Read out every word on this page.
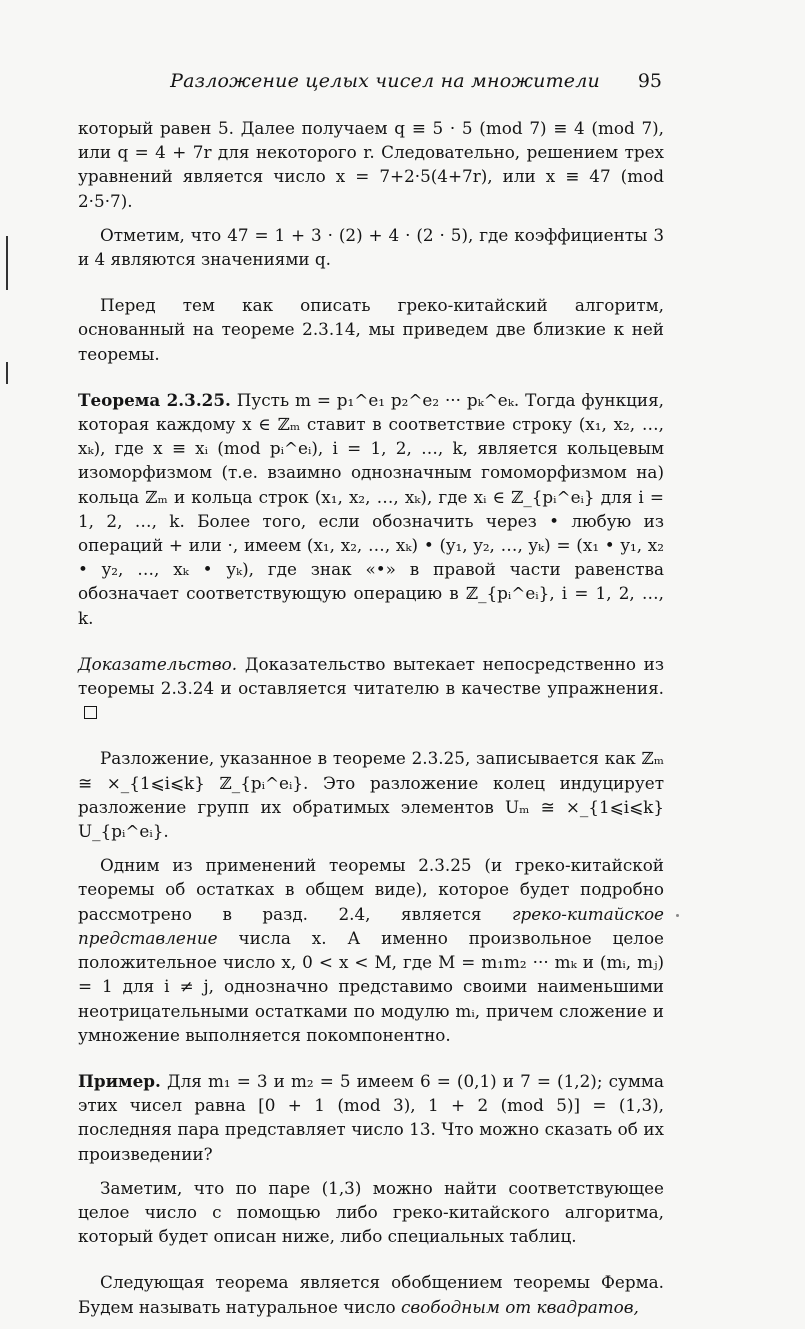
Разложение целых чисел на множители 95

который равен 5. Далее получаем q ≡ 5 · 5 (mod 7) ≡ 4 (mod 7), или q = 4 + 7r для некоторого r. Следовательно, решением трех уравнений является число x = 7+2·5(4+7r), или x ≡ 47 (mod 2·5·7).

Отметим, что 47 = 1 + 3 · (2) + 4 · (2 · 5), где коэффициенты 3 и 4 являются значениями q.

Перед тем как описать греко-китайский алгоритм, основанный на теореме 2.3.14, мы приведем две близкие к ней теоремы.

Теорема 2.3.25. Пусть m = p₁^e₁ p₂^e₂ ··· pₖ^eₖ. Тогда функция, которая каждому x ∈ ℤₘ ставит в соответствие строку (x₁, x₂, …, xₖ), где x ≡ xᵢ (mod pᵢ^eᵢ), i = 1, 2, …, k, является кольцевым изоморфизмом (т.е. взаимно однозначным гомоморфизмом на) кольца ℤₘ и кольца строк (x₁, x₂, …, xₖ), где xᵢ ∈ ℤ_{pᵢ^eᵢ} для i = 1, 2, …, k. Более того, если обозначить через • любую из операций + или ·, имеем (x₁, x₂, …, xₖ) • (y₁, y₂, …, yₖ) = (x₁ • y₁, x₂ • y₂, …, xₖ • yₖ), где знак «•» в правой части равенства обозначает соответствующую операцию в ℤ_{pᵢ^eᵢ}, i = 1, 2, …, k.

Доказательство. Доказательство вытекает непосредственно из теоремы 2.3.24 и оставляется читателю в качестве упражнения.

Разложение, указанное в теореме 2.3.25, записывается как ℤₘ ≅ ×_{1⩽i⩽k} ℤ_{pᵢ^eᵢ}. Это разложение колец индуцирует разложение групп их обратимых элементов Uₘ ≅ ×_{1⩽i⩽k} U_{pᵢ^eᵢ}.

Одним из применений теоремы 2.3.25 (и греко-китайской теоремы об остатках в общем виде), которое будет подробно рассмотрено в разд. 2.4, является греко-китайское представление числа x. А именно произвольное целое положительное число x, 0 < x < M, где M = m₁m₂ ··· mₖ и (mᵢ, mⱼ) = 1 для i ≠ j, однозначно представимо своими наименьшими неотрицательными остатками по модулю mᵢ, причем сложение и умножение выполняется покомпонентно.

Пример. Для m₁ = 3 и m₂ = 5 имеем 6 = (0,1) и 7 = (1,2); сумма этих чисел равна [0 + 1 (mod 3), 1 + 2 (mod 5)] = (1,3), последняя пара представляет число 13. Что можно сказать об их произведении?

Заметим, что по паре (1,3) можно найти соответствующее целое число с помощью либо греко-китайского алгоритма, который будет описан ниже, либо специальных таблиц.

Следующая теорема является обобщением теоремы Ферма. Будем называть натуральное число свободным от квадратов,
